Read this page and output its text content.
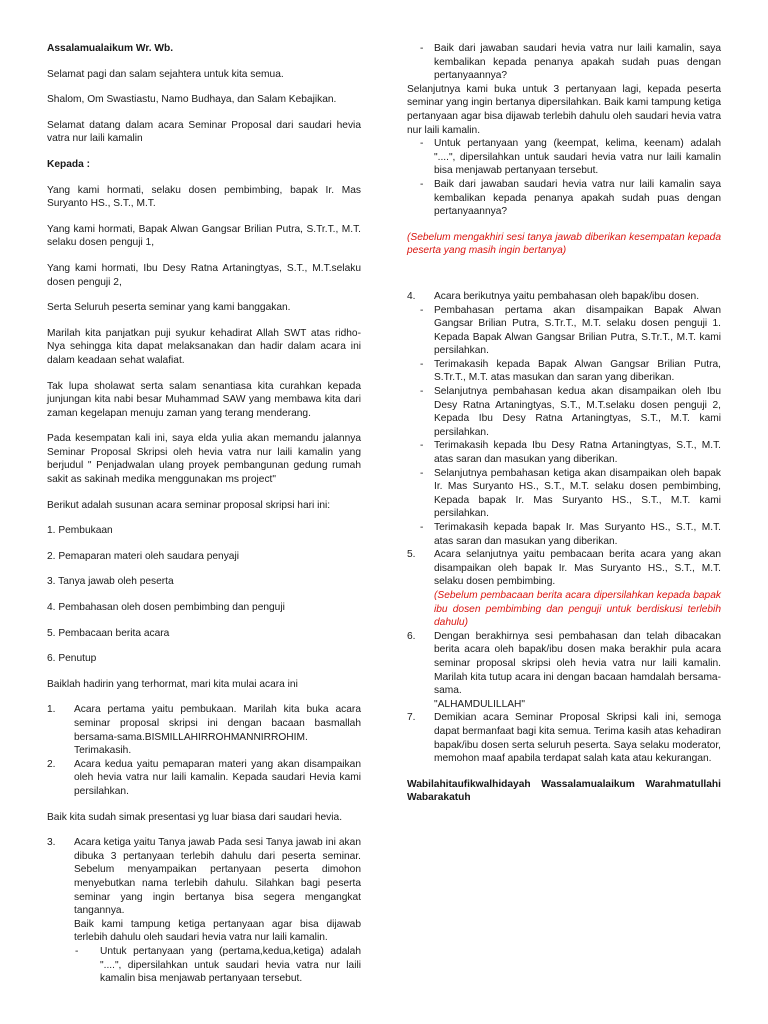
Assalamualaikum Wr. Wb.

Selamat pagi dan salam sejahtera untuk kita semua.

Shalom, Om Swastiastu, Namo Budhaya, dan Salam Kebajikan.

Selamat datang dalam acara Seminar Proposal dari saudari hevia vatra nur laili kamalin

Kepada :

Yang kami hormati, selaku dosen pembimbing, bapak Ir. Mas Suryanto HS., S.T., M.T.

Yang kami hormati, Bapak Alwan Gangsar Brilian Putra, S.Tr.T., M.T. selaku dosen penguji 1,

Yang kami hormati, Ibu Desy Ratna Artaningtyas, S.T., M.T.selaku dosen penguji 2,

Serta Seluruh peserta seminar yang kami banggakan.

Marilah kita panjatkan puji syukur kehadirat Allah SWT atas ridho-Nya sehingga kita dapat melaksanakan dan hadir dalam acara ini dalam keadaan sehat walafiat.

Tak lupa sholawat serta salam senantiasa kita curahkan kepada junjungan kita nabi besar Muhammad SAW yang membawa kita dari zaman kegelapan menuju zaman yang terang menderang.

Pada kesempatan kali ini, saya elda yulia akan memandu jalannya Seminar Proposal Skripsi oleh hevia vatra nur laili kamalin yang berjudul " Penjadwalan ulang proyek pembangunan gedung rumah sakit as sakinah medika menggunakan ms project"

Berikut adalah susunan acara seminar proposal skripsi hari ini:

1. Pembukaan

2. Pemaparan materi oleh saudara penyaji

3. Tanya jawab oleh peserta

4. Pembahasan oleh dosen pembimbing dan penguji

5. Pembacaan berita acara

6. Penutup

Baiklah hadirin yang terhormat, mari kita mulai acara ini

1. Acara pertama yaitu pembukaan. Marilah kita buka acara seminar proposal skripsi ini dengan bacaan basmallah bersama-sama.BISMILLAHIRROHMANNIRROHIM. Terimakasih.
2. Acara kedua yaitu pemaparan materi yang akan disampaikan oleh hevia vatra nur laili kamalin. Kepada saudari Hevia kami persilahkan.

Baik kita sudah simak presentasi yg luar biasa dari saudari hevia.

3. Acara ketiga yaitu Tanya jawab Pada sesi Tanya jawab ini akan dibuka 3 pertanyaan terlebih dahulu dari peserta seminar. Sebelum menyampaikan pertanyaan peserta dimohon menyebutkan nama terlebih dahulu. Silahkan bagi peserta seminar yang ingin bertanya bisa segera mengangkat tangannya.
Baik kami tampung ketiga pertanyaan agar bisa dijawab terlebih dahulu oleh saudari hevia vatra nur laili kamalin.
- Untuk pertanyaan yang (pertama,kedua,ketiga) adalah "....", dipersilahkan untuk saudari hevia vatra nur laili kamalin bisa menjawab pertanyaan tersebut.
- Baik dari jawaban saudari hevia vatra nur laili kamalin, saya kembalikan kepada penanya apakah sudah puas dengan pertanyaannya?
Selanjutnya kami buka untuk 3 pertanyaan lagi, kepada peserta seminar yang ingin bertanya dipersilahkan. Baik kami tampung ketiga pertanyaan agar bisa dijawab terlebih dahulu oleh saudari hevia vatra nur laili kamalin.
- Untuk pertanyaan yang (keempat, kelima, keenam) adalah "....", dipersilahkan untuk saudari hevia vatra nur laili kamalin bisa menjawab pertanyaan tersebut.
- Baik dari jawaban saudari hevia vatra nur laili kamalin saya kembalikan kepada penanya apakah sudah puas dengan pertanyaannya?
(Sebelum mengakhiri sesi tanya jawab diberikan kesempatan kepada peserta yang masih ingin bertanya)
4. Acara berikutnya yaitu pembahasan oleh bapak/ibu dosen.
- Pembahasan pertama akan disampaikan Bapak Alwan Gangsar Brilian Putra, S.Tr.T., M.T. selaku dosen penguji 1. Kepada Bapak Alwan Gangsar Brilian Putra, S.Tr.T., M.T. kami persilahkan.
- Terimakasih kepada Bapak Alwan Gangsar Brilian Putra, S.Tr.T., M.T. atas masukan dan saran yang diberikan.
- Selanjutnya pembahasan kedua akan disampaikan oleh Ibu Desy Ratna Artaningtyas, S.T., M.T.selaku dosen penguji 2, Kepada Ibu Desy Ratna Artaningtyas, S.T., M.T. kami persilahkan.
- Terimakasih kepada Ibu Desy Ratna Artaningtyas, S.T., M.T. atas saran dan masukan yang diberikan.
- Selanjutnya pembahasan ketiga akan disampaikan oleh bapak Ir. Mas Suryanto HS., S.T., M.T. selaku dosen pembimbing, Kepada bapak Ir. Mas Suryanto HS., S.T., M.T. kami persilahkan.
- Terimakasih kepada bapak Ir. Mas Suryanto HS., S.T., M.T. atas saran dan masukan yang diberikan.
5. Acara selanjutnya yaitu pembacaan berita acara yang akan disampaikan oleh bapak Ir. Mas Suryanto HS., S.T., M.T. selaku dosen pembimbing.
(Sebelum pembacaan berita acara dipersilahkan kepada bapak ibu dosen pembimbing dan penguji untuk berdiskusi terlebih dahulu)
6. Dengan berakhirnya sesi pembahasan dan telah dibacakan berita acara oleh bapak/ibu dosen maka berakhir pula acara seminar proposal skripsi oleh hevia vatra nur laili kamalin. Marilah kita tutup acara ini dengan bacaan hamdalah bersama-sama.
"ALHAMDULILLAH"
7. Demikian acara Seminar Proposal Skripsi kali ini, semoga dapat bermanfaat bagi kita semua. Terima kasih atas kehadiran bapak/ibu dosen serta seluruh peserta. Saya selaku moderator, memohon maaf apabila terdapat salah kata atau kekurangan.
Wabilahitaufikwalhidayah Wassalamualaikum Warahmatullahi Wabarakatuh
